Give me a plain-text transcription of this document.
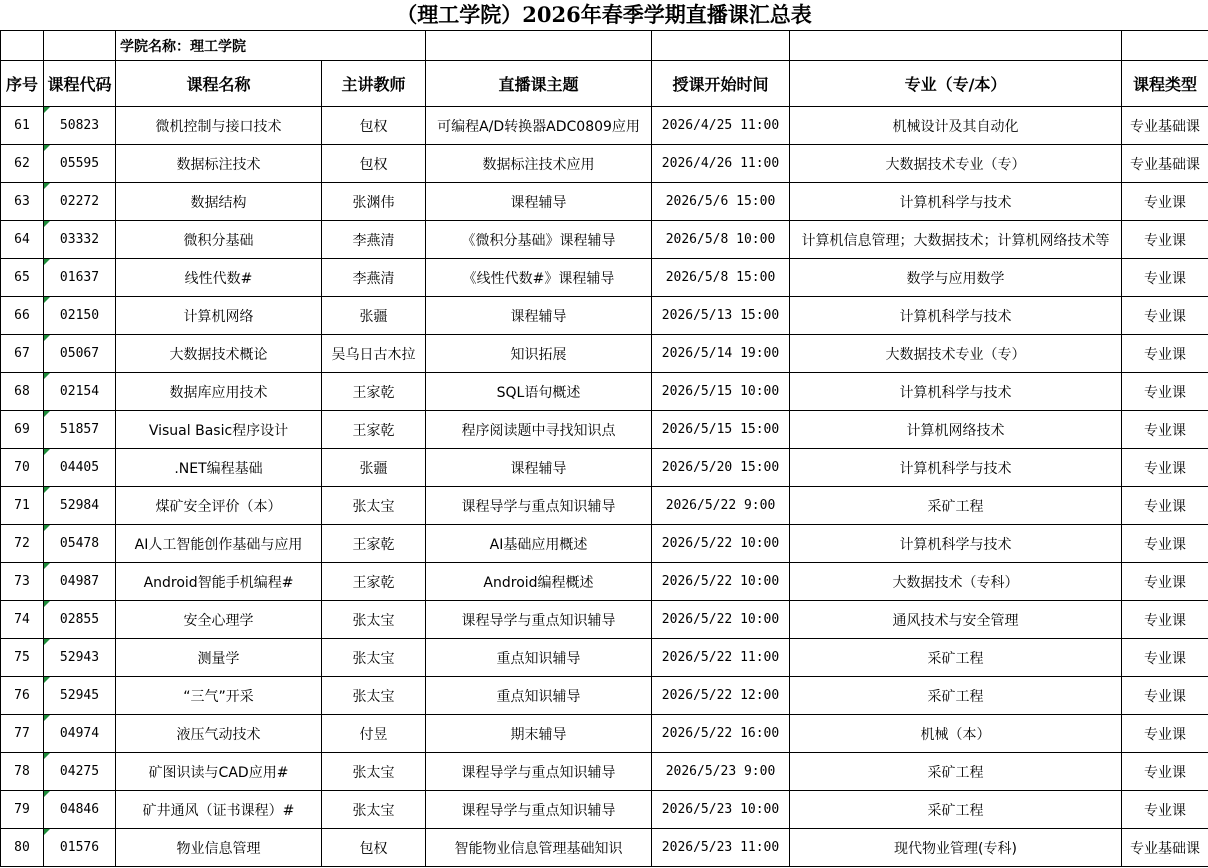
（理工学院）2026年春季学期直播课汇总表
		学院名称：理工学院					
序号	课程代码	课程名称	主讲教师	直播课主题	授课开始时间	专业（专/本）	课程类型
61	50823	微机控制与接口技术	包权	可编程A/D转换器ADC0809应用	2026/4/25 11:00	机械设计及其自动化	专业基础课
62	05595	数据标注技术	包权	数据标注技术应用	2026/4/26 11:00	大数据技术专业（专）	专业基础课
63	02272	数据结构	张渊伟	课程辅导	2026/5/6 15:00	计算机科学与技术	专业课
64	03332	微积分基础	李燕清	《微积分基础》课程辅导	2026/5/8 10:00	计算机信息管理；大数据技术；计算机网络技术等	专业课
65	01637	线性代数#	李燕清	《线性代数#》课程辅导	2026/5/8 15:00	数学与应用数学	专业课
66	02150	计算机网络	张疆	课程辅导	2026/5/13 15:00	计算机科学与技术	专业课
67	05067	大数据技术概论	吴乌日古木拉	知识拓展	2026/5/14 19:00	大数据技术专业（专）	专业课
68	02154	数据库应用技术	王家乾	SQL语句概述	2026/5/15 10:00	计算机科学与技术	专业课
69	51857	Visual Basic程序设计	王家乾	程序阅读题中寻找知识点	2026/5/15 15:00	计算机网络技术	专业课
70	04405	.NET编程基础	张疆	课程辅导	2026/5/20 15:00	计算机科学与技术	专业课
71	52984	煤矿安全评价（本）	张太宝	课程导学与重点知识辅导	2026/5/22 9:00	采矿工程	专业课
72	05478	AI人工智能创作基础与应用	王家乾	AI基础应用概述	2026/5/22 10:00	计算机科学与技术	专业课
73	04987	Android智能手机编程#	王家乾	Android编程概述	2026/5/22 10:00	大数据技术（专科）	专业课
74	02855	安全心理学	张太宝	课程导学与重点知识辅导	2026/5/22 10:00	通风技术与安全管理	专业课
75	52943	测量学	张太宝	重点知识辅导	2026/5/22 11:00	采矿工程	专业课
76	52945	“三气”开采	张太宝	重点知识辅导	2026/5/22 12:00	采矿工程	专业课
77	04974	液压气动技术	付昱	期末辅导	2026/5/22 16:00	机械（本）	专业课
78	04275	矿图识读与CAD应用#	张太宝	课程导学与重点知识辅导	2026/5/23 9:00	采矿工程	专业课
79	04846	矿井通风（证书课程）#	张太宝	课程导学与重点知识辅导	2026/5/23 10:00	采矿工程	专业课
80	01576	物业信息管理	包权	智能物业信息管理基础知识	2026/5/23 11:00	现代物业管理(专科)	专业基础课
